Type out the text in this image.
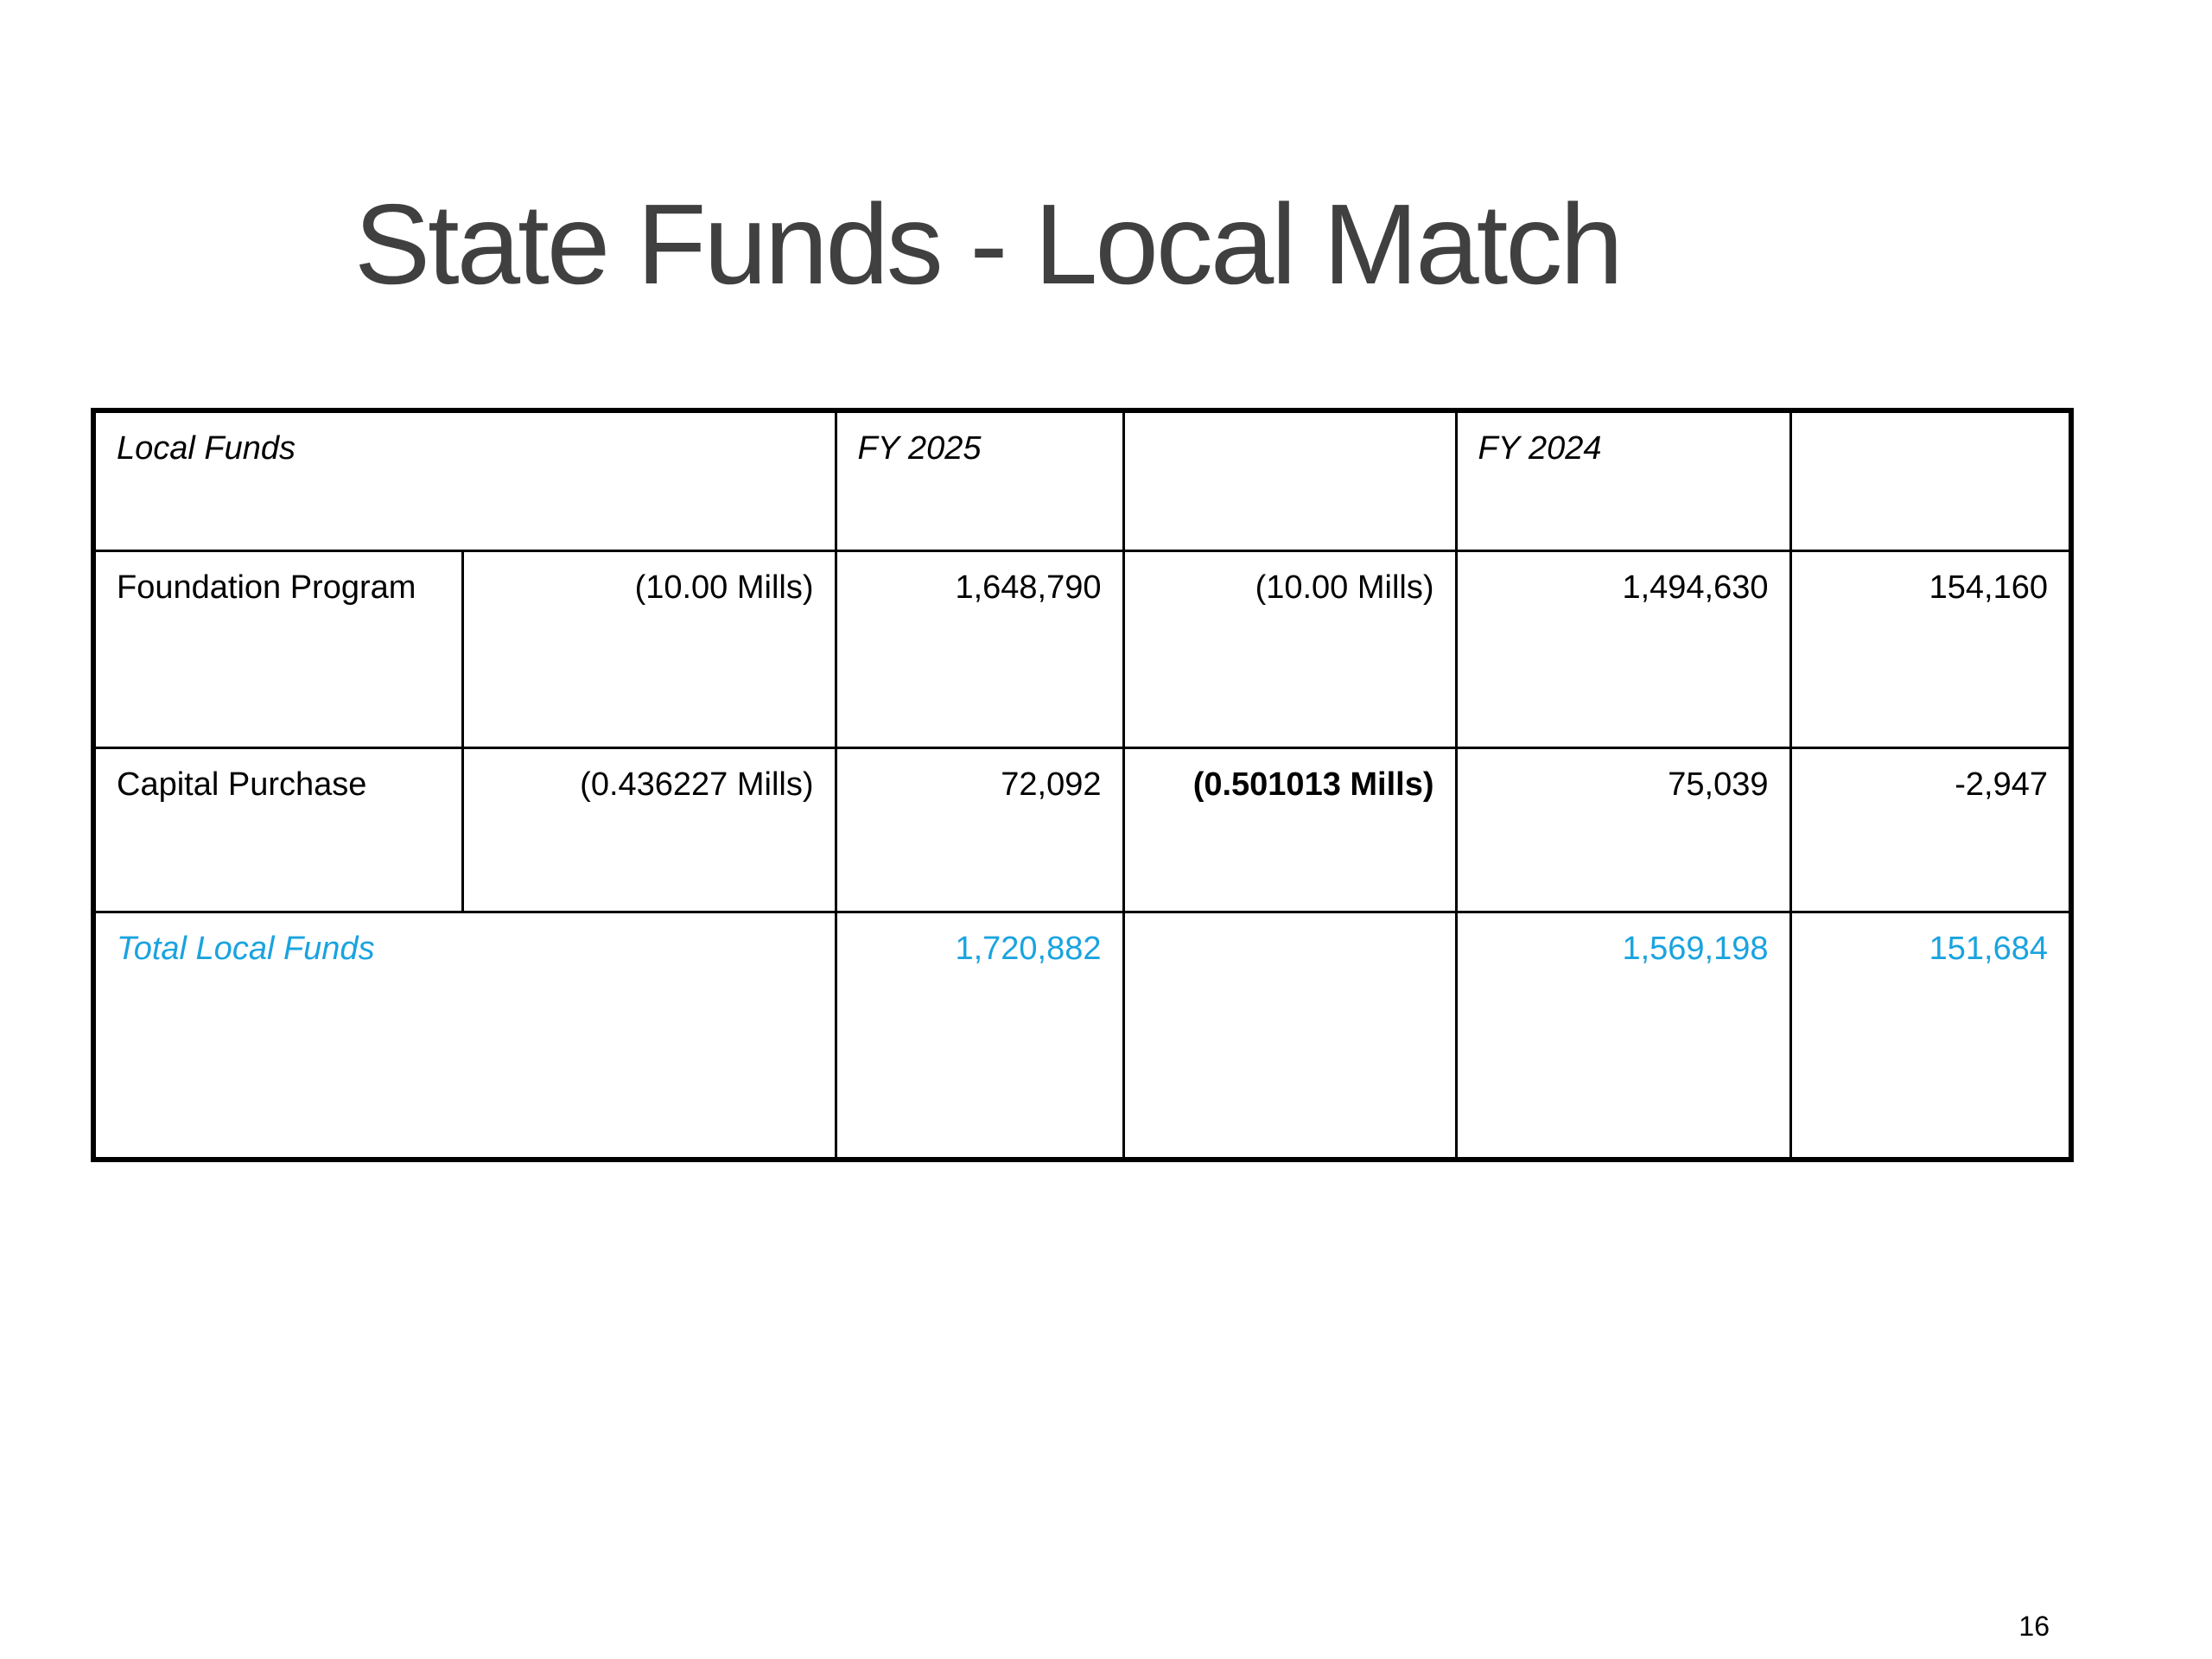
State Funds - Local Match
Local Funds		FY 2025		FY 2024	
Foundation Program	(10.00 Mills)	1,648,790	(10.00 Mills)	1,494,630	154,160
Capital Purchase	(0.436227 Mills)	72,092	(0.501013 Mills)	75,039	-2,947
Total Local Funds		1,720,882		1,569,198	151,684
16
